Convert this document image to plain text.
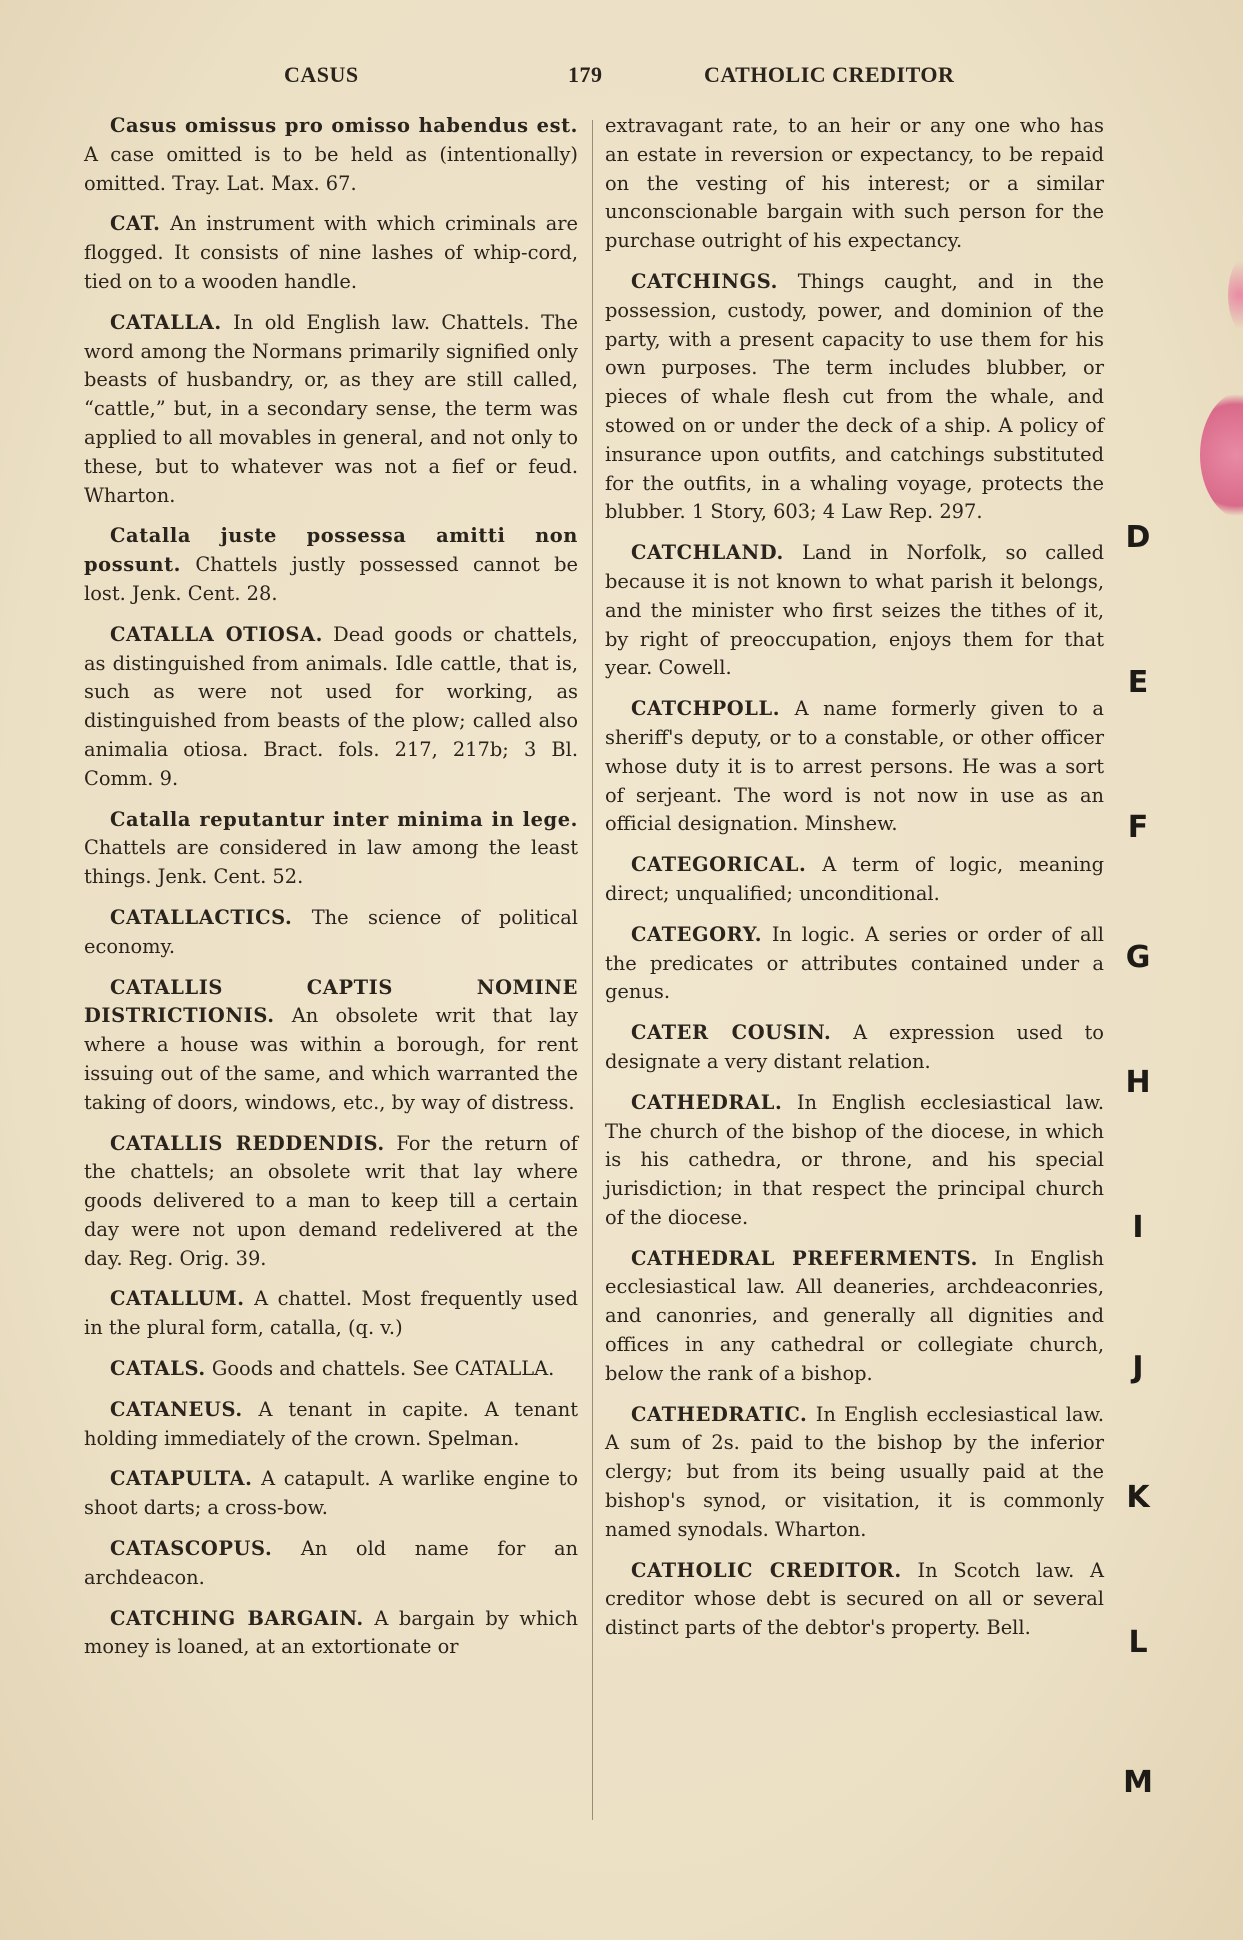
CASUS	179	CATHOLIC CREDITOR

Casus omissus pro omisso habendus est. A case omitted is to be held as (intentionally) omitted. Tray. Lat. Max. 67.

CAT. An instrument with which criminals are flogged. It consists of nine lashes of whip-cord, tied on to a wooden handle.

CATALLA. In old English law. Chattels. The word among the Normans primarily signified only beasts of husbandry, or, as they are still called, “cattle,” but, in a secondary sense, the term was applied to all movables in general, and not only to these, but to whatever was not a fief or feud. Wharton.

Catalla juste possessa amitti non possunt. Chattels justly possessed cannot be lost. Jenk. Cent. 28.

CATALLA OTIOSA. Dead goods or chattels, as distinguished from animals. Idle cattle, that is, such as were not used for working, as distinguished from beasts of the plow; called also animalia otiosa. Bract. fols. 217, 217b; 3 Bl. Comm. 9.

Catalla reputantur inter minima in lege. Chattels are considered in law among the least things. Jenk. Cent. 52.

CATALLACTICS. The science of political economy.

CATALLIS CAPTIS NOMINE DISTRICTIONIS. An obsolete writ that lay where a house was within a borough, for rent issuing out of the same, and which warranted the taking of doors, windows, etc., by way of distress.

CATALLIS REDDENDIS. For the return of the chattels; an obsolete writ that lay where goods delivered to a man to keep till a certain day were not upon demand redelivered at the day. Reg. Orig. 39.

CATALLUM. A chattel. Most frequently used in the plural form, catalla, (q. v.)

CATALS. Goods and chattels. See CATALLA.

CATANEUS. A tenant in capite. A tenant holding immediately of the crown. Spelman.

CATAPULTA. A catapult. A warlike engine to shoot darts; a cross-bow.

CATASCOPUS. An old name for an archdeacon.

CATCHING BARGAIN. A bargain by which money is loaned, at an extortionate or

extravagant rate, to an heir or any one who has an estate in reversion or expectancy, to be repaid on the vesting of his interest; or a similar unconscionable bargain with such person for the purchase outright of his expectancy.

CATCHINGS. Things caught, and in the possession, custody, power, and dominion of the party, with a present capacity to use them for his own purposes. The term includes blubber, or pieces of whale flesh cut from the whale, and stowed on or under the deck of a ship. A policy of insurance upon outfits, and catchings substituted for the outfits, in a whaling voyage, protects the blubber. 1 Story, 603; 4 Law Rep. 297.

CATCHLAND. Land in Norfolk, so called because it is not known to what parish it belongs, and the minister who first seizes the tithes of it, by right of preoccupation, enjoys them for that year. Cowell.

CATCHPOLL. A name formerly given to a sheriff's deputy, or to a constable, or other officer whose duty it is to arrest persons. He was a sort of serjeant. The word is not now in use as an official designation. Minshew.

CATEGORICAL. A term of logic, meaning direct; unqualified; unconditional.

CATEGORY. In logic. A series or order of all the predicates or attributes contained under a genus.

CATER COUSIN. A expression used to designate a very distant relation.

CATHEDRAL. In English ecclesiastical law. The church of the bishop of the diocese, in which is his cathedra, or throne, and his special jurisdiction; in that respect the principal church of the diocese.

CATHEDRAL PREFERMENTS. In English ecclesiastical law. All deaneries, archdeaconries, and canonries, and generally all dignities and offices in any cathedral or collegiate church, below the rank of a bishop.

CATHEDRATIC. In English ecclesiastical law. A sum of 2s. paid to the bishop by the inferior clergy; but from its being usually paid at the bishop's synod, or visitation, it is commonly named synodals. Wharton.

CATHOLIC CREDITOR. In Scotch law. A creditor whose debt is secured on all or several distinct parts of the debtor's property. Bell.

D
E
F
G
H
I
J
K
L
M
